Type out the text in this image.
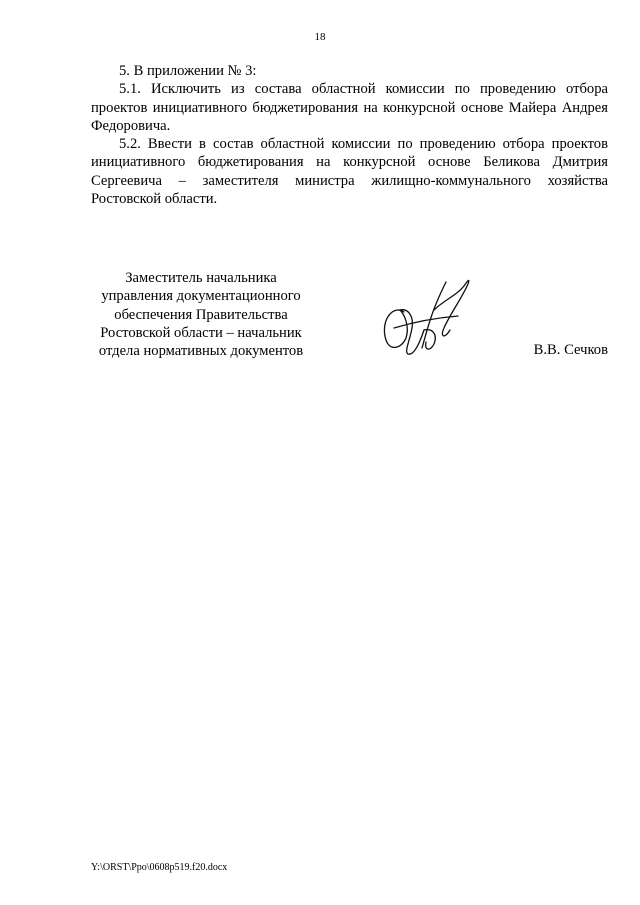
18

5. В приложении № 3:

5.1. Исключить из состава областной комиссии по проведению отбора проектов инициативного бюджетирования на конкурсной основе Майера Андрея Федоровича.

5.2. Ввести в состав областной комиссии по проведению отбора проектов инициативного бюджетирования на конкурсной основе Беликова Дмитрия Сергеевича – заместителя министра жилищно-коммунального хозяйства Ростовской области.

Заместитель начальника
управления документационного
обеспечения Правительства
Ростовской области – начальник
отдела нормативных документов	В.В. Сечков
Y:\ORST\Ppo\0608p519.f20.docx
